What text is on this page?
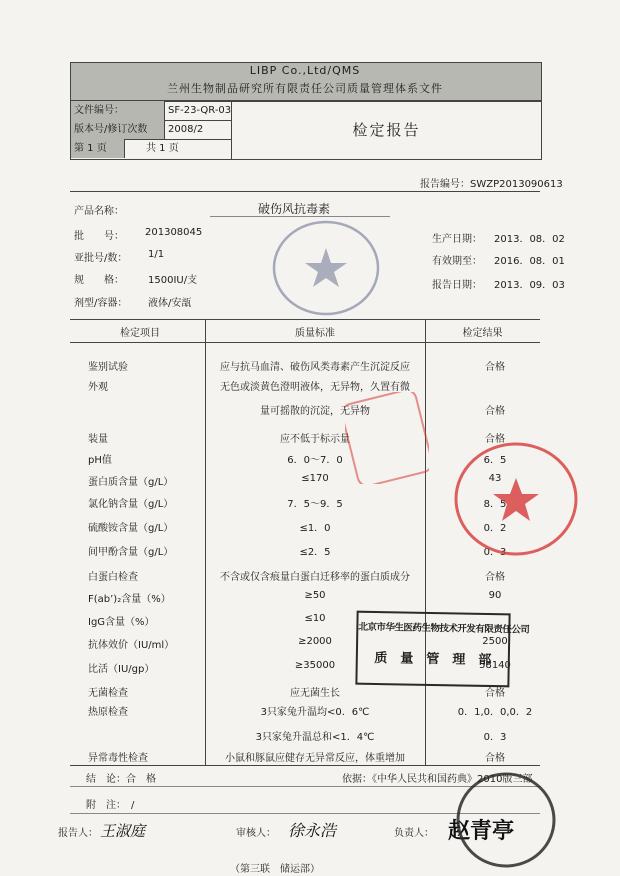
LIBP Co.,Ltd/QMS
兰州生物制品研究所有限责任公司质量管理体系文件
文件编号：	SF-23-QR-03
版本号/修订次数	2008/2
第 1 页	共 1 页
检定报告
报告编号：SWZP2013090613
产品名称：	破伤风抗毒素
批　　号： 201308045
亚批号/数： 1/1
规　　格： 1500IU/支
剂型/容器： 液体/安瓿
生产日期： 2013．08．02
有效期至： 2016．08．01
报告日期： 2013．09．03
检定项目	质量标准	检定结果
鉴别试验	应与抗马血清、破伤风类毒素产生沉淀反应	合格
外观	无色或淡黄色澄明液体，无异物，久置有微
量可摇散的沉淀，无异物	合格
装量	应不低于标示量	合格
pH值	6．0～7．0	6．5
蛋白质含量（g/L）	≤170	43
氯化钠含量（g/L）	7．5～9．5	8．5
硫酸铵含量（g/L）	≤1．0	0．2
间甲酚含量（g/L）	≤2．5	0．3
白蛋白检查	不含或仅含痕量白蛋白迁移率的蛋白质成分	合格
F(ab’)₂含量（%）	≥50	90
IgG含量（%）	≤10
抗体效价（IU/ml）	≥2000	2500
比活（IU/gp）	≥35000	58140
无菌检查	应无菌生长	合格
热原检查	3只家兔升温均<0．6℃	0．1,0．0,0．2
3只家兔升温总和<1．4℃	0．3
异常毒性检查	小鼠和豚鼠应健存无异常反应，体重增加	合格
北京市华生医药生物技术开发有限责任公司
质　量　管　理　部
结　论： 合　格	依据：《中华人民共和国药典》2010版三部
附　注：　/
报告人： 王淑庭	审核人： 徐永浩	负责人： 赵青亭
（第三联　储运部）
